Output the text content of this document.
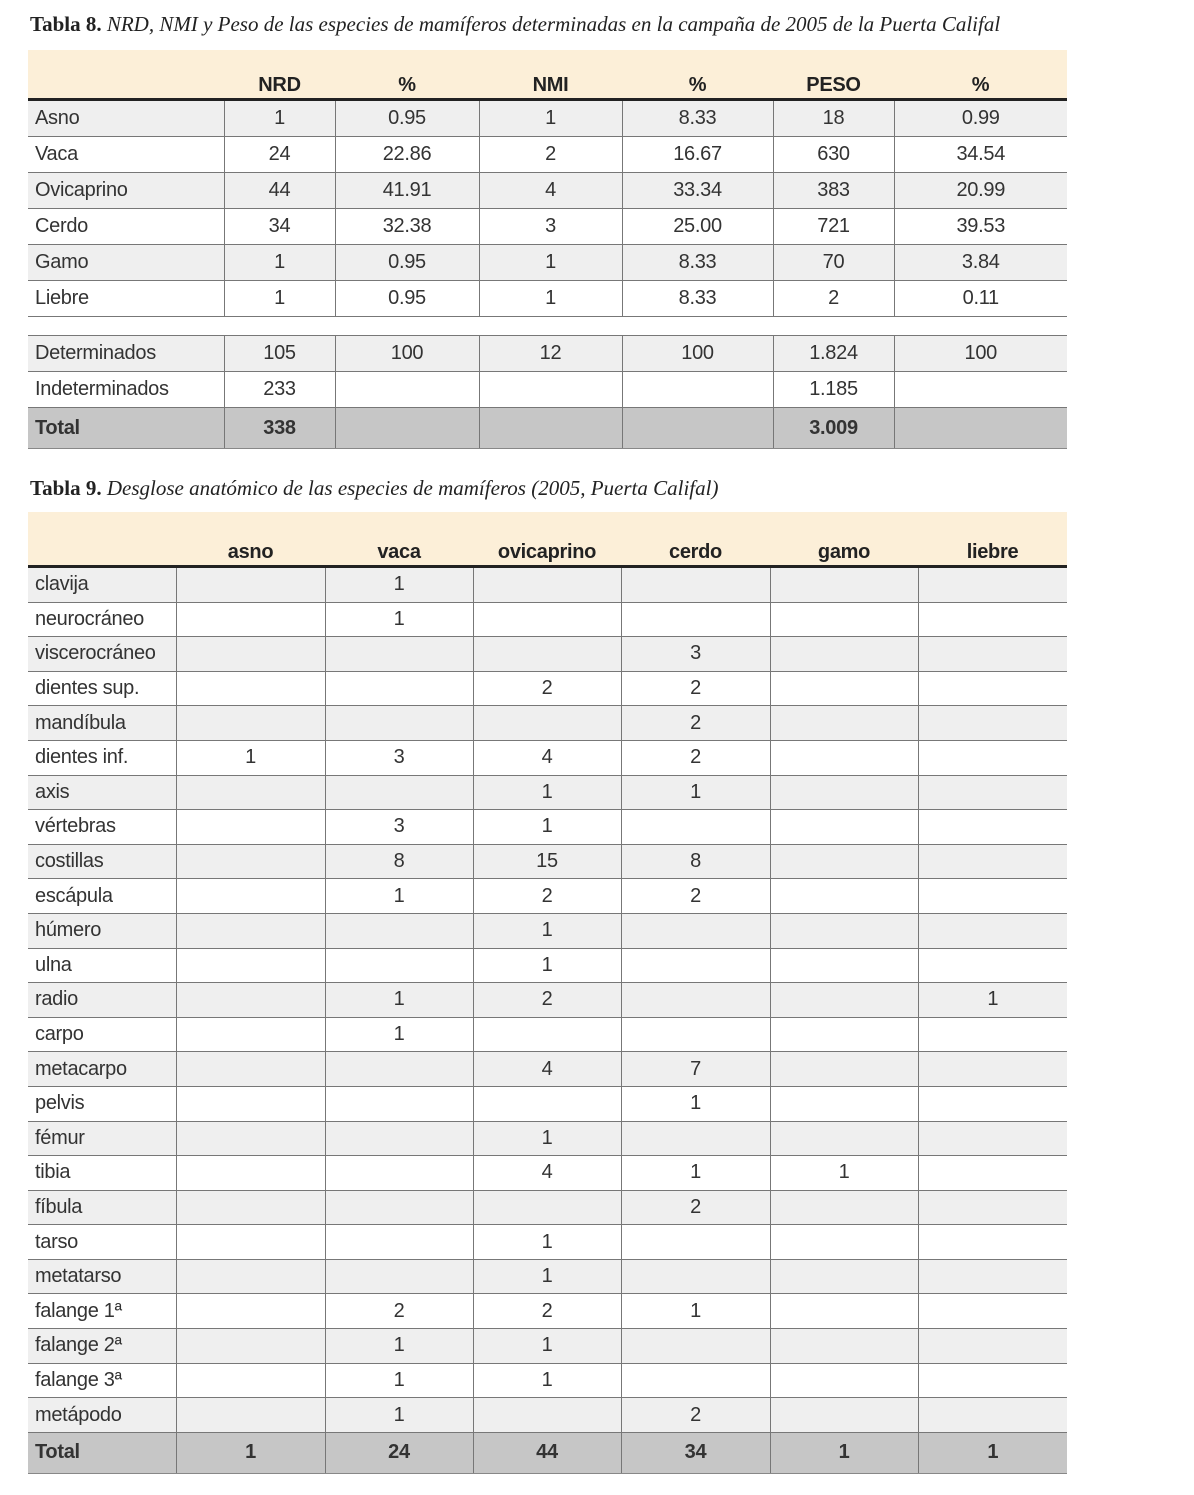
Tabla 8. NRD, NMI y Peso de las especies de mamíferos determinadas en la campaña de 2005 de la Puerta Califal
	NRD	%	NMI	%	PESO	%
Asno	1	0.95	1	8.33	18	0.99
Vaca	24	22.86	2	16.67	630	34.54
Ovicaprino	44	41.91	4	33.34	383	20.99
Cerdo	34	32.38	3	25.00	721	39.53
Gamo	1	0.95	1	8.33	70	3.84
Liebre	1	0.95	1	8.33	2	0.11

Determinados	105	100	12	100	1.824	100
Indeterminados	233				1.185	
Total	338				3.009	
Tabla 9. Desglose anatómico de las especies de mamíferos (2005, Puerta Califal)
	asno	vaca	ovicaprino	cerdo	gamo	liebre
clavija		1				
neurocráneo		1				
viscerocráneo				3		
dientes sup.			2	2		
mandíbula				2		
dientes inf.	1	3	4	2		
axis			1	1		
vértebras		3	1			
costillas		8	15	8		
escápula		1	2	2		
húmero			1			
ulna			1			
radio		1	2			1
carpo		1				
metacarpo			4	7		
pelvis				1		
fémur			1			
tibia			4	1	1	
fíbula				2		
tarso			1			
metatarso			1			
falange 1ª		2	2	1		
falange 2ª		1	1			
falange 3ª		1	1			
metápodo		1		2		
Total	1	24	44	34	1	1
